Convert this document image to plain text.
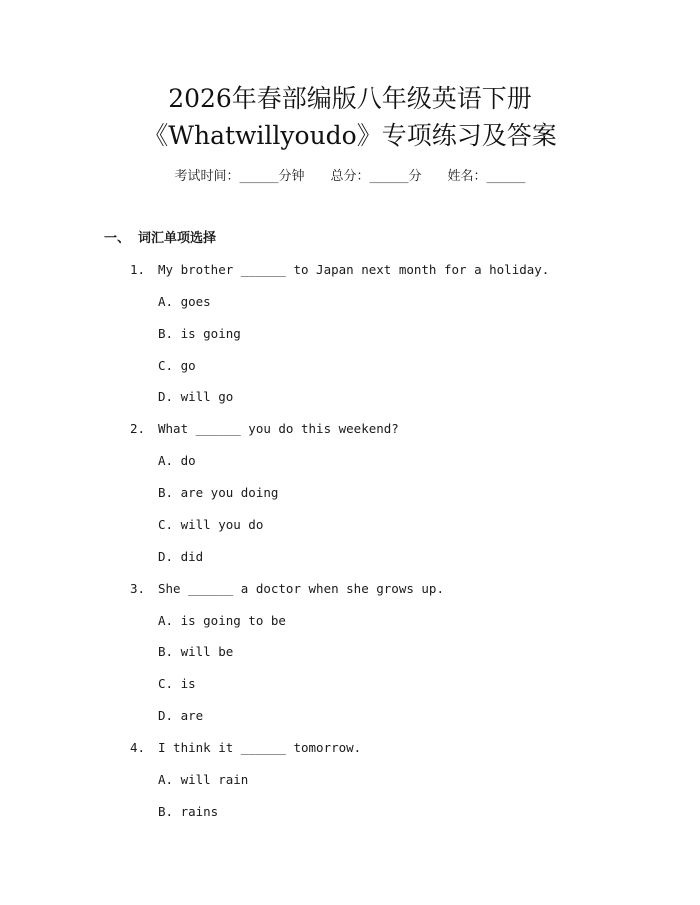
2026年春部编版八年级英语下册
《Whatwillyoudo》专项练习及答案
考试时间：______分钟 总分：______分 姓名：______
一、 词汇单项选择
1. My brother ______ to Japan next month for a holiday.
A. goes
B. is going
C. go
D. will go
2. What ______ you do this weekend?
A. do
B. are you doing
C. will you do
D. did
3. She ______ a doctor when she grows up.
A. is going to be
B. will be
C. is
D. are
4. I think it ______ tomorrow.
A. will rain
B. rains
